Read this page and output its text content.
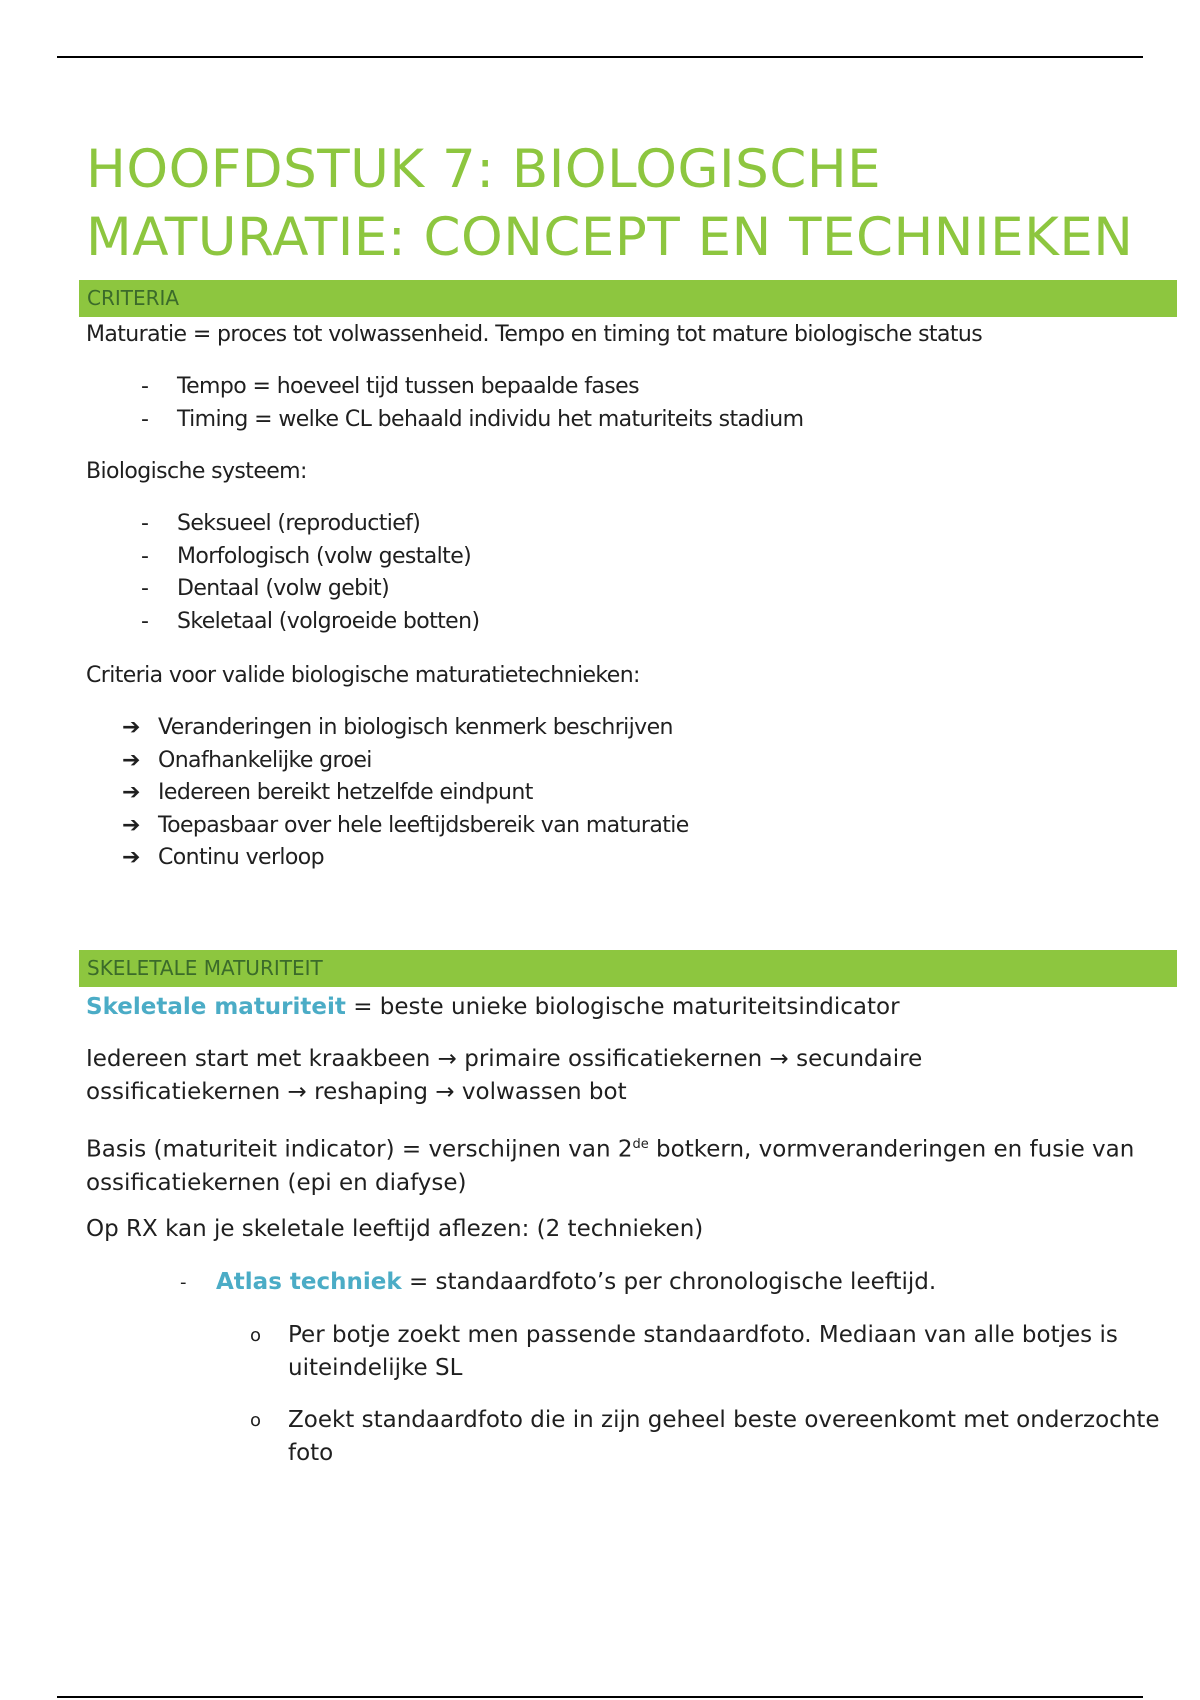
HOOFDSTUK 7: BIOLOGISCHE MATURATIE: CONCEPT EN TECHNIEKEN
CRITERIA

Maturatie = proces tot volwassenheid. Tempo en timing tot mature biologische status

- Tempo = hoeveel tijd tussen bepaalde fases
- Timing = welke CL behaald individu het maturiteits stadium

Biologische systeem:

- Seksueel (reproductief)
- Morfologisch (volw gestalte)
- Dentaal (volw gebit)
- Skeletaal (volgroeide botten)

Criteria voor valide biologische maturatietechnieken:

➔ Veranderingen in biologisch kenmerk beschrijven
➔ Onafhankelijke groei
➔ Iedereen bereikt hetzelfde eindpunt
➔ Toepasbaar over hele leeftijdsbereik van maturatie
➔ Continu verloop
SKELETALE MATURITEIT

Skeletale maturiteit = beste unieke biologische maturiteitsindicator

Iedereen start met kraakbeen → primaire ossificatiekernen → secundaire ossificatiekernen → reshaping → volwassen bot

Basis (maturiteit indicator) = verschijnen van 2de botkern, vormveranderingen en fusie van ossificatiekernen (epi en diafyse)

Op RX kan je skeletale leeftijd aflezen: (2 technieken)

- Atlas techniek = standaardfoto’s per chronologische leeftijd.

o Per botje zoekt men passende standaardfoto. Mediaan van alle botjes is uiteindelijke SL

o Zoekt standaardfoto die in zijn geheel beste overeenkomt met onderzochte foto
